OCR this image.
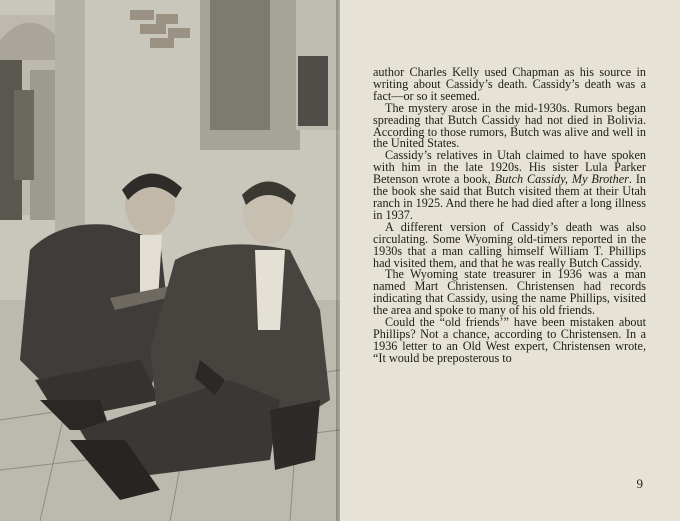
author Charles Kelly used Chapman as his source in writing about Cassidy’s death. Cassidy’s death was a fact—or so it seemed.

The mystery arose in the mid-1930s. Rumors began spreading that Butch Cassidy had not died in Bolivia. According to those rumors, Butch was alive and well in the United States.

Cassidy’s relatives in Utah claimed to have spoken with him in the late 1920s. His sister Lula Parker Betenson wrote a book, Butch Cassidy, My Brother. In the book she said that Butch visited them at their Utah ranch in 1925. And there he had died after a long illness in 1937.

A different version of Cassidy’s death was also circulating. Some Wyoming old-timers reported in the 1930s that a man calling himself William T. Phillips had visited them, and that he was really Butch Cassidy.

The Wyoming state treasurer in 1936 was a man named Mart Christensen. Christensen had records indicating that Cassidy, using the name Phillips, visited the area and spoke to many of his old friends.

Could the “old friends’” have been mistaken about Phillips? Not a chance, according to Christensen. In a 1936 letter to an Old West expert, Christensen wrote, “It would be preposterous to

9
